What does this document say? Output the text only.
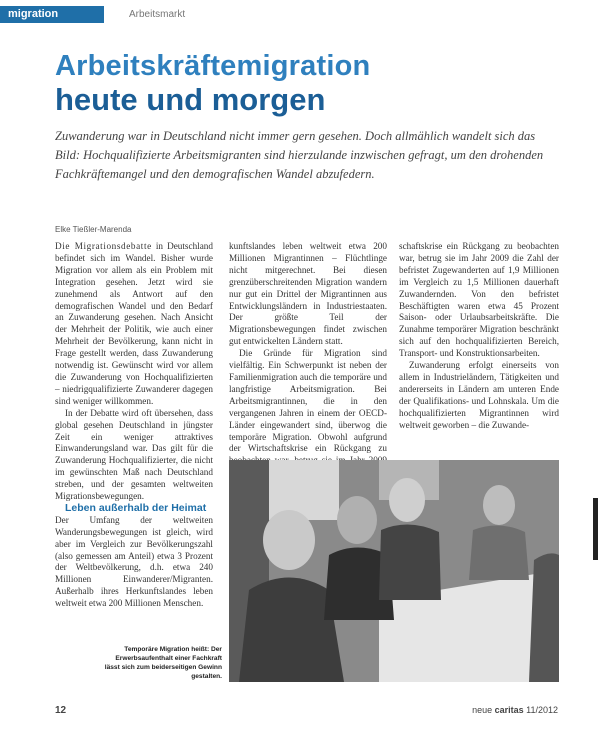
migration	Arbeitsmarkt
Arbeitskräftemigration
heute und morgen
Zuwanderung war in Deutschland nicht immer gern gesehen. Doch allmählich wandelt sich das Bild: Hochqualifizierte Arbeitsmigranten sind hierzulande inzwischen gefragt, um den drohenden Fachkräftemangel und den demografischen Wandel abzufedern.
Elke Tießler-Marenda

Die Migrationsdebatte in Deutschland befindet sich im Wandel. Bisher wurde Migration vor allem als ein Problem mit Integration gesehen. Jetzt wird sie zunehmend als Antwort auf den demografischen Wandel und den Bedarf an Zuwanderung gesehen. Nach Ansicht der Mehrheit der Politik, wie auch einer Mehrheit der Bevölkerung, kann nicht in Frage gestellt werden, dass Zuwanderung notwendig ist. Gewünscht wird vor allem die Zuwanderung von Hochqualifizierten – niedrigqualifizierte Zuwanderer dagegen sind weniger willkommen.

In der Debatte wird oft übersehen, dass global gesehen Deutschland in jüngster Zeit ein weniger attraktives Einwanderungsland war. Das gilt für die Zuwanderung Hochqualifizierter, die nicht im gewünschten Maß nach Deutschland streben, und der gesamten weltweiten Migrationsbewegungen.

Leben außerhalb der Heimat

Der Umfang der weltweiten Wanderungsbewegungen ist gleich, wird aber im Vergleich zur Bevölkerungszahl (also gemessen am Anteil) etwa 3 Prozent der Weltbevölkerung, d.h. etwa 240 Millionen Einwanderer/Migranten. Außerhalb ihres Herkunftslandes leben weltweit etwa 200 Millionen Menschen.

kunftslandes leben weltweit etwa 200 Millionen Migrantinnen – Flüchtlinge nicht mitgerechnet. Bei diesen grenzüberschreitenden Migration wandern nur gut ein Drittel der Migrantinnen aus Entwicklungsländern in Industriestaaten. Der größte Teil der Migrationsbewegungen findet zwischen gut entwickelten Ländern statt.

Die Gründe für Migration sind vielfältig. Ein Schwerpunkt ist neben der Familienmigration auch die temporäre und langfristige Arbeitsmigration. Bei Arbeitsmigrantinnen, die in den vergangenen Jahren in einem der OECD-Länder eingewandert sind, überwog die temporäre Migration. Obwohl aufgrund der Wirtschaftskrise ein Rückgang zu

schaftskrise ein Rückgang zu beobachten war, betrug sie im Jahr 2009 die Zahl der befristet Zugewanderten auf 1,9 Millionen im Vergleich zu 1,5 Millionen dauerhaft Zuwandernden. Von den befristet Beschäftigten waren etwa 45 Prozent Saison- oder Urlaubsarbeitskräfte. Die Zunahme temporärer Migration beschränkt sich auf den hochqualifizierten Bereich, Transport- und Konstruktionsarbeiten.

Zuwanderung erfolgt einerseits von allem in Industrieländern, Tätigkeiten und andererseits in Ländern am unteren Ende der Qualifikations- und Lohnskala. Um die hochqualifizierten Migrantinnen wird weltweit geworben – die Zuwande-

Temporäre Migration heißt: Der Erwerbsaufenthalt einer Fachkraft lässt sich zum beiderseitigen Gewinn gestalten.
12	neue caritas 11/2012
